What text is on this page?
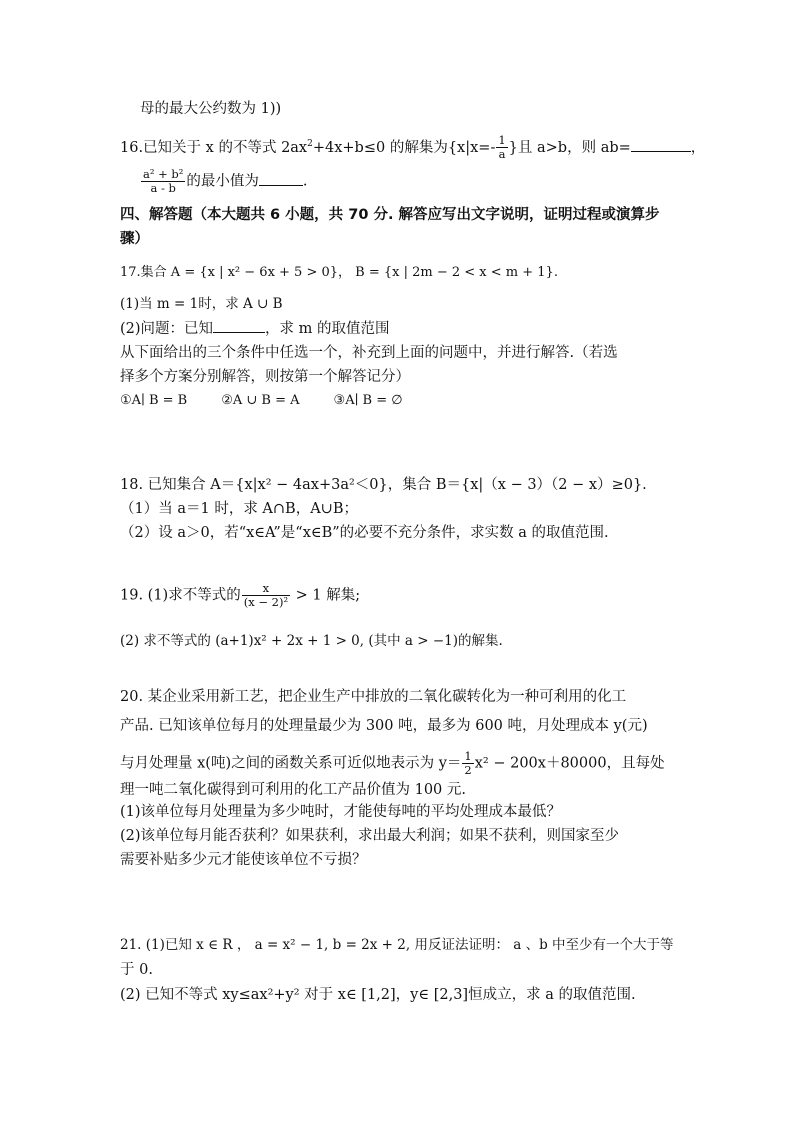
母的最大公约数为 1))
16.已知关于 x 的不等式 $2ax^2+4x+b\le 0$ 的解集为{$x|x=- \frac{1}{a}$ }且 a>b，则 ab=	，
$\frac{\text{a² + b²}}{a - b}$ 的最小值为	.
四、解答题（本大题共 6 小题，共 70 分. 解答应写出文字说明，证明过程或演算步
骤）
17.集合 A = {x | x² − 6x + 5 > 0}， B = {x | 2m − 2 < x < m + 1}.
(1)当 m = 1时，求 A ∪ B
(2)问题：已知	，求 m 的取值范围
从下面给出的三个条件中任选一个，补充到上面的问题中，并进行解答.（若选
择多个方案分别解答，则按第一个解答记分）
①A∣ B = B	②A ∪ B = A	③A∣ B = ∅
18. 已知集合 A＝{x|x² − 4ax+3a²＜0}，集合 B＝{x|（x − 3）（2 − x）≥0}.
（1）当 a＝1 时，求 A∩B，A∪B；
（2）设 a＞0，若“x∈A”是“x∈B”的必要不充分条件，求实数 a 的取值范围.
19. (1)求不等式的 $\frac{x}{\text{(x − 2)²}} > 1$ 解集;
(2) 求不等式的 (a+1)x² + 2x + 1 > 0, (其中 a > −1)的解集.
20. 某企业采用新工艺，把企业生产中排放的二氧化碳转化为一种可利用的化工
产品. 已知该单位每月的处理量最少为 300 吨，最多为 600 吨，月处理成本 y(元)
与月处理量 x(吨)之间的函数关系可近似地表示为 $y= \frac{1}{2} x^2 - 200x+80000$，且每处
理一吨二氧化碳得到可利用的化工产品价值为 100 元.
(1)该单位每月处理量为多少吨时，才能使每吨的平均处理成本最低？
(2)该单位每月能否获利？如果获利，求出最大利润；如果不获利，则国家至少
需要补贴多少元才能使该单位不亏损？
21. (1)已知 x ∈ R ， a = x² − 1, b = 2x + 2, 用反证法证明： a 、b 中至少有一个大于等
于 0.
(2) 已知不等式 xy≤ax²+y² 对于 x∈ [1,2]，y∈ [2,3]恒成立，求 a 的取值范围.
